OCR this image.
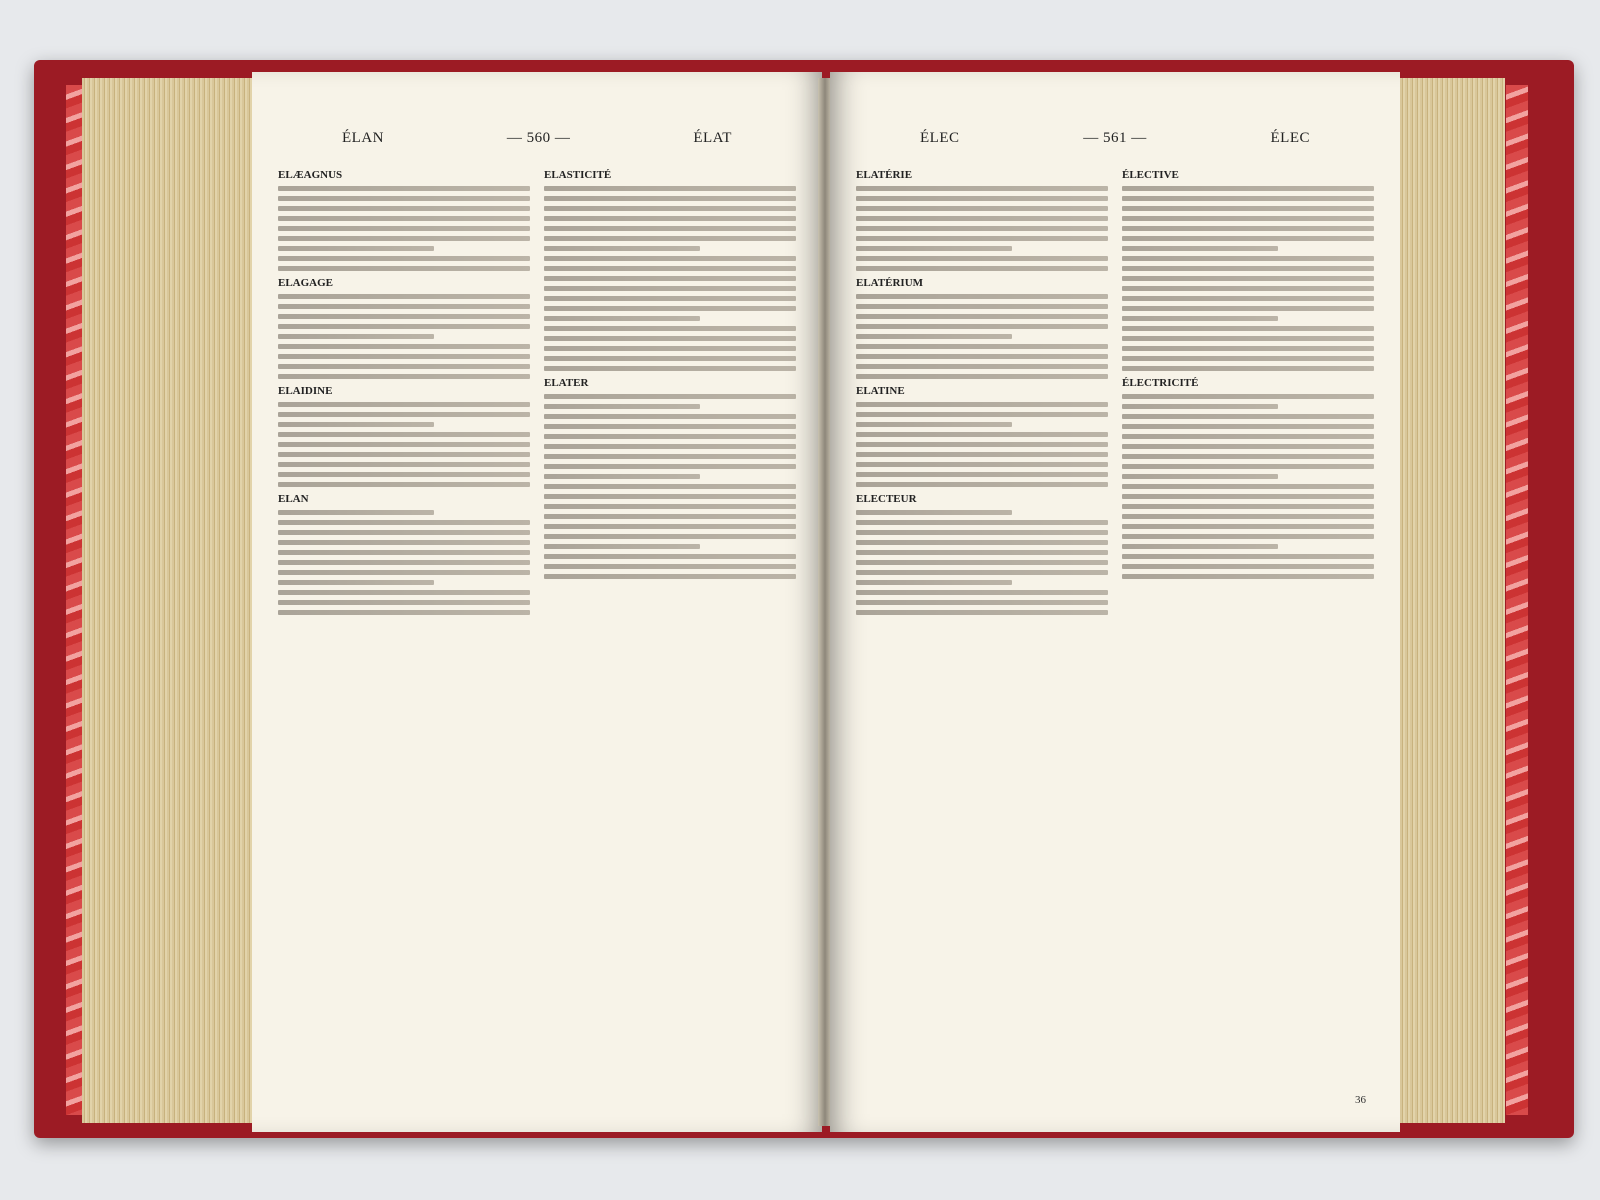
ÉLAN	— 560 —	ÉLAT
ELÆAGNUS
ELAGAGE
ELAIDINE
ELAN
ELASTICITÉ
ELATER
ÉLEC	— 561 —	ÉLEC
ELATÉRIE
ELATÉRIUM
ELATINE
ELECTEUR
ÉLECTIVE
ÉLECTRICITÉ
36
